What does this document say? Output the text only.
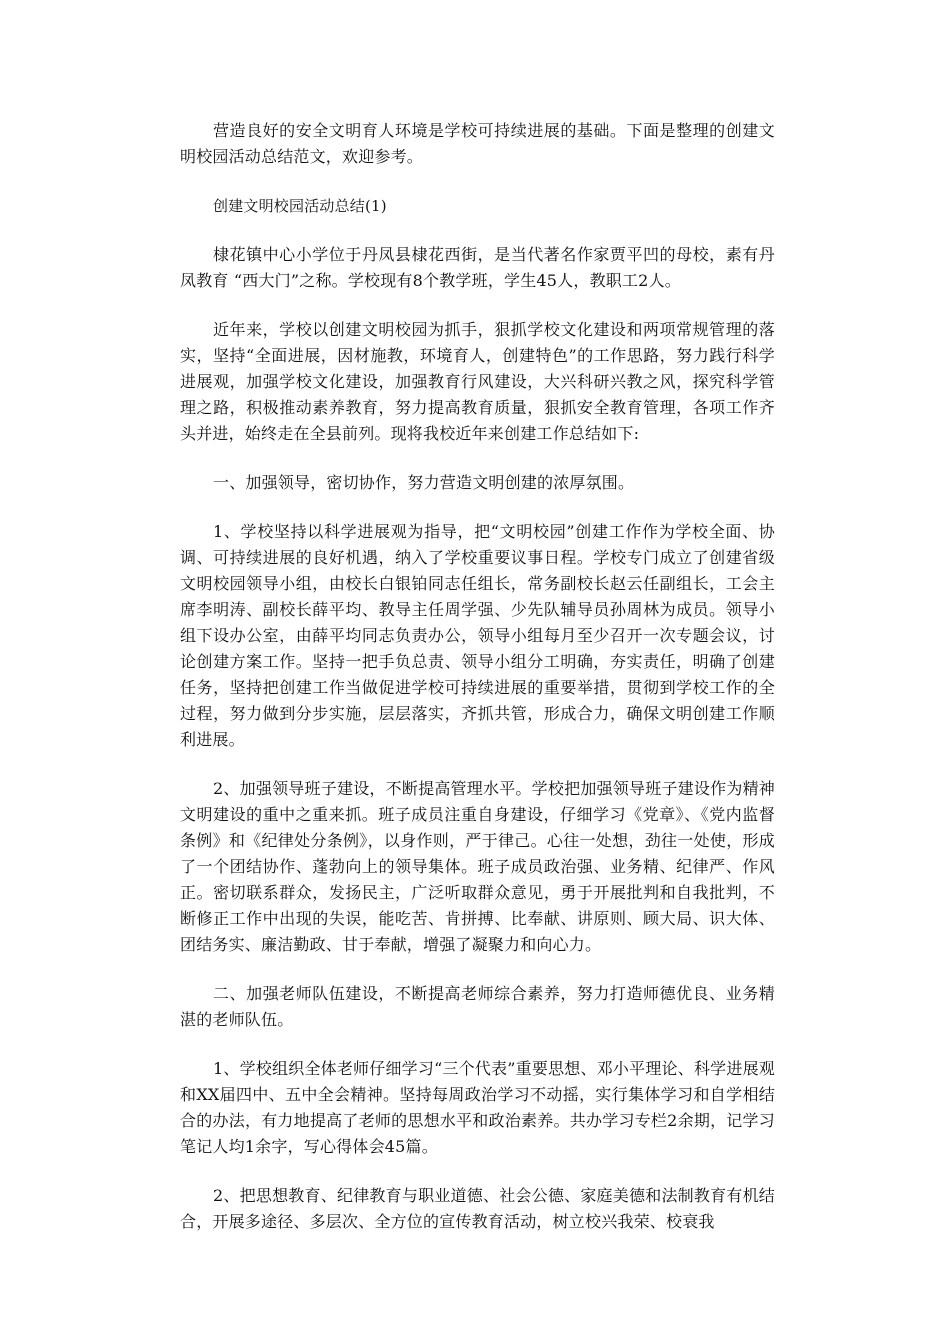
营造良好的安全文明育人环境是学校可持续进展的基础。下面是整理的创建文明校园活动总结范文，欢迎参考。

创建文明校园活动总结(1)

棣花镇中心小学位于丹凤县棣花西街，是当代著名作家贾平凹的母校，素有丹凤教育 “西大门”之称。学校现有8个教学班，学生45人，教职工2人。

近年来，学校以创建文明校园为抓手，狠抓学校文化建设和两项常规管理的落实，坚持“全面进展，因材施教，环境育人，创建特色”的工作思路，努力践行科学进展观，加强学校文化建设，加强教育行风建设，大兴科研兴教之风，探究科学管理之路，积极推动素养教育，努力提高教育质量，狠抓安全教育管理，各项工作齐头并进，始终走在全县前列。现将我校近年来创建工作总结如下:

一、加强领导，密切协作，努力营造文明创建的浓厚氛围。

1、学校坚持以科学进展观为指导，把“文明校园”创建工作作为学校全面、协调、可持续进展的良好机遇，纳入了学校重要议事日程。学校专门成立了创建省级文明校园领导小组，由校长白银铂同志任组长，常务副校长赵云任副组长，工会主席李明涛、副校长薛平均、教导主任周学强、少先队辅导员孙周林为成员。领导小组下设办公室，由薛平均同志负责办公，领导小组每月至少召开一次专题会议，讨论创建方案工作。坚持一把手负总责、领导小组分工明确，夯实责任，明确了创建任务，坚持把创建工作当做促进学校可持续进展的重要举措，贯彻到学校工作的全过程，努力做到分步实施，层层落实，齐抓共管，形成合力，确保文明创建工作顺利进展。

2、加强领导班子建设，不断提高管理水平。学校把加强领导班子建设作为精神文明建设的重中之重来抓。班子成员注重自身建设，仔细学习《党章》、《党内监督条例》和《纪律处分条例》，以身作则，严于律己。心往一处想，劲往一处使，形成了一个团结协作、蓬勃向上的领导集体。班子成员政治强、业务精、纪律严、作风正。密切联系群众，发扬民主，广泛听取群众意见，勇于开展批判和自我批判，不断修正工作中出现的失误，能吃苦、肯拼搏、比奉献、讲原则、顾大局、识大体、团结务实、廉洁勤政、甘于奉献，增强了凝聚力和向心力。

二、加强老师队伍建设，不断提高老师综合素养，努力打造师德优良、业务精湛的老师队伍。

1、学校组织全体老师仔细学习“三个代表”重要思想、邓小平理论、科学进展观和XX届四中、五中全会精神。坚持每周政治学习不动摇，实行集体学习和自学相结合的办法，有力地提高了老师的思想水平和政治素养。共办学习专栏2余期，记学习笔记人均1余字，写心得体会45篇。

2、把思想教育、纪律教育与职业道德、社会公德、家庭美德和法制教育有机结合，开展多途径、多层次、全方位的宣传教育活动，树立校兴我荣、校衰我
